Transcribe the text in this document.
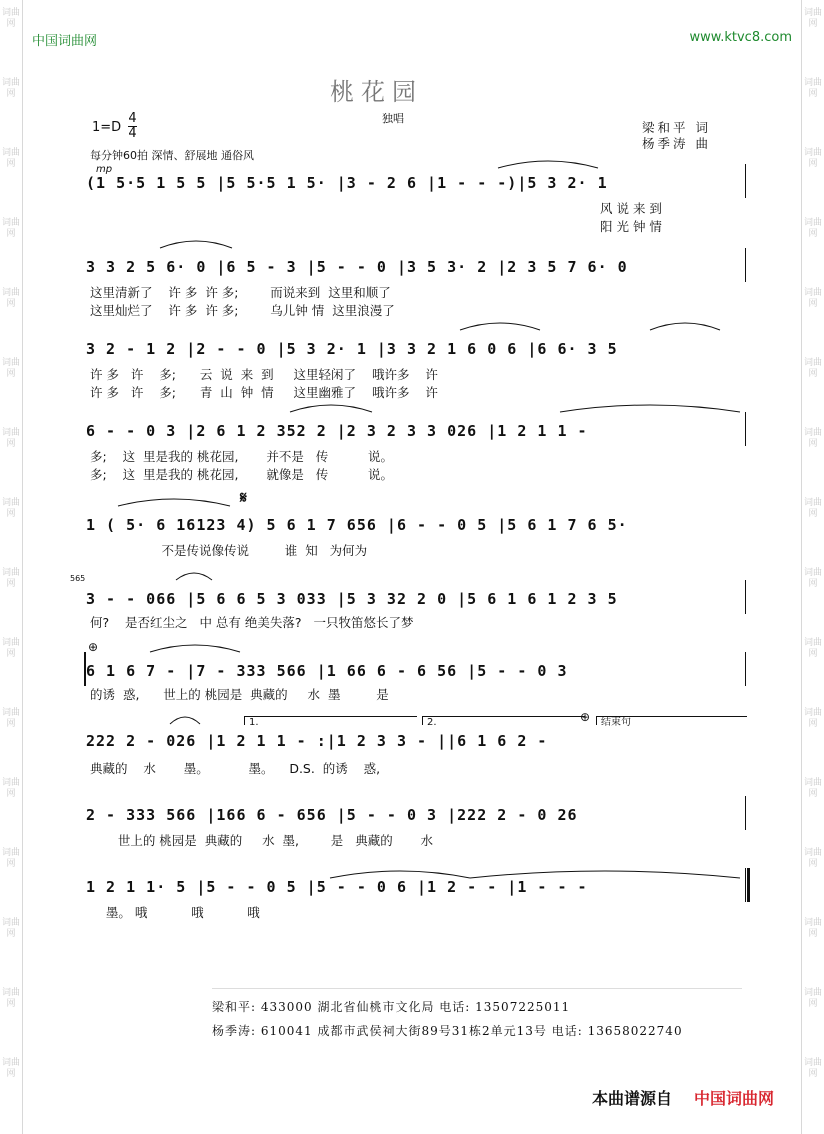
词曲网
词曲网
词曲网
词曲网
词曲网
词曲网
词曲网
词曲网
词曲网
词曲网
词曲网
词曲网
词曲网
词曲网
词曲网
词曲网
词曲网
词曲网
词曲网
词曲网
词曲网
词曲网
词曲网
词曲网
词曲网
词曲网
词曲网
词曲网
词曲网
词曲网
词曲网
词曲网
中国词曲网	www.ktvc8.com
桃花园
独唱
1=D
4
4
每分钟60拍 深情、舒展地 通俗风
梁和平 词
杨季涛 曲
mp
(1 5·5 1 5 5 |5 5·5 1 5· |3 - 2 6 |1 - - -)|5 3 2· 1
风 说 来 到
阳 光 钟 情
3 3 2 5 6· 0 |6 5 - 3 |5 - - 0 |3 5 3· 2 |2 3 5 7 6· 0
这里清新了    许 多  许 多;        而说来到  这里和顺了
这里灿烂了    许 多  许 多;        乌儿钟 情  这里浪漫了
3 2 - 1 2 |2 - - 0 |5 3 2· 1 |3 3 2 1 6 0 6 |6 6· 3 5
许 多   许    多;      云  说  来  到     这里轻闲了    哦许多    许
许 多   许    多;      青  山  钟  情     这里幽雅了    哦许多    许
6 - - 0 3 |2 6 1 2 352 2 |2 3 2 3 3 026 |1 2 1 1 -
多;    这  里是我的 桃花园,       并不是   传          说。
多;    这  里是我的 桃花园,       就像是   传          说。
𝄋
1 ( 5· 6 16123 4) 5 6 1 7 656 |6 - - 0 5 |5 6 1 7 6 5·
不是传说像传说         谁  知   为何为
565
3 - - 066 |5 6 6 5 3 033 |5 3 32 2 0 |5 6 1 6 1 2 3 5
何?    是否红尘之   中 总有 绝美失落?   一只牧笛悠长了梦
⊕
6 1 6 7 - |7 - 333 566 |1 66 6 - 6 56 |5 - - 0 3
的诱  惑,      世上的 桃园是  典藏的     水  墨         是
1.	2.	⊕	结束句
222 2 - 026 |1 2 1 1 - :|1 2 3 3 - ||6 1 6 2 -
典藏的    水       墨。          墨。    D.S.  的诱    惑,
2 - 333 566 |166 6 - 656 |5 - - 0 3 |222 2 - 0 26
世上的 桃园是  典藏的     水  墨,        是   典藏的       水
1 2 1 1· 5 |5 - - 0 5 |5 - - 0 6 |1 2 - - |1 - - -
墨。 哦           哦           哦
梁和平: 433000 湖北省仙桃市文化局 电话: 13507225011
杨季涛: 610041 成都市武侯祠大街89号31栋2单元13号 电话: 13658022740
本曲谱源自 中国词曲网
